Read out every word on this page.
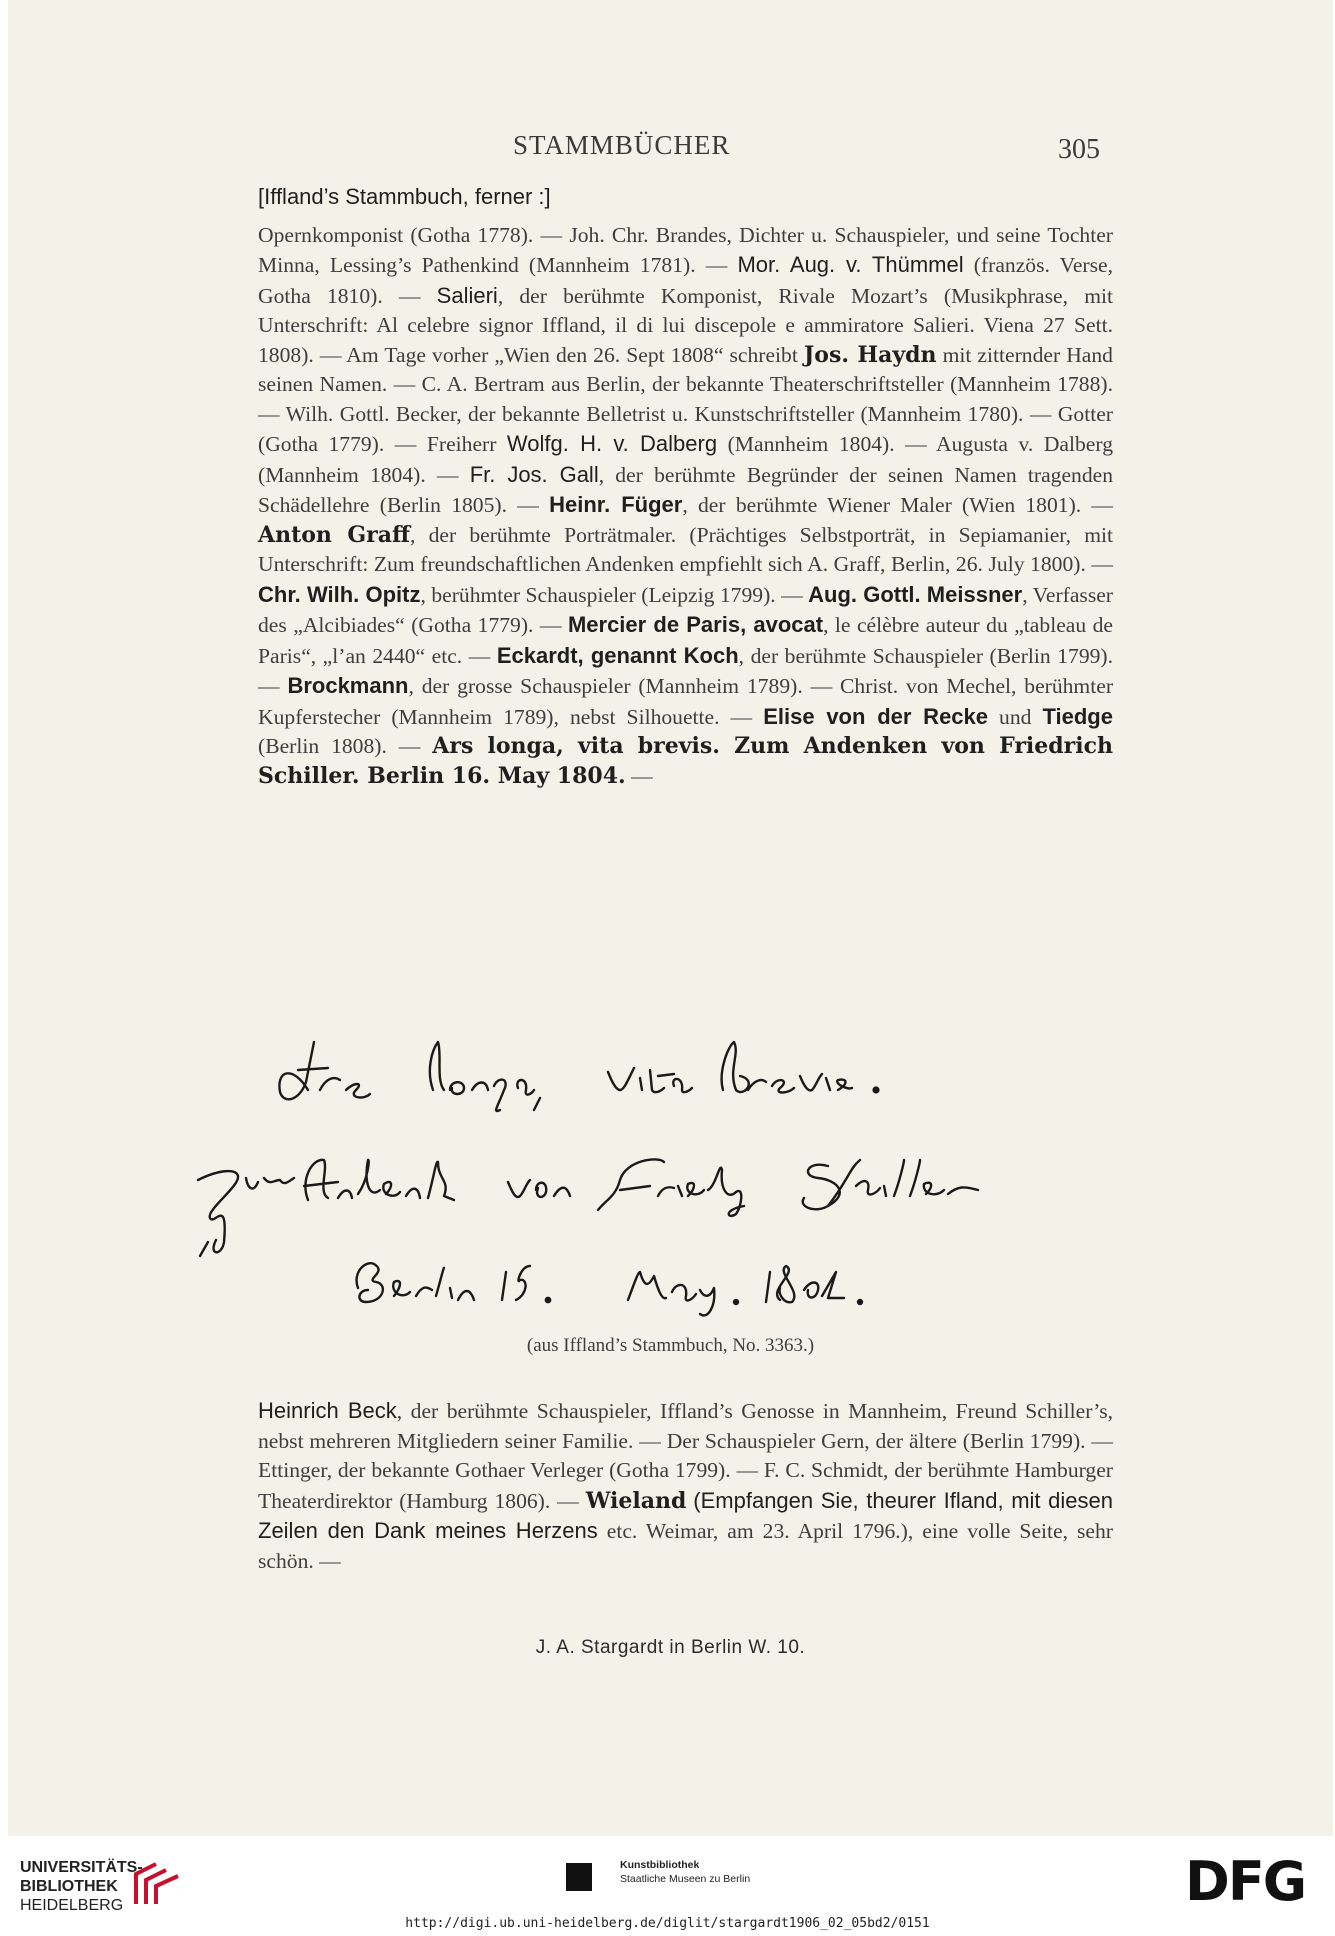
STAMMBÜCHER	305

[Iffland’s Stammbuch, ferner :]

Opernkomponist (Gotha 1778). — Joh. Chr. Brandes, Dichter u. Schauspieler, und seine Tochter Minna, Lessing’s Pathenkind (Mannheim 1781). — Mor. Aug. v. Thümmel (französ. Verse, Gotha 1810). — Salieri, der berühmte Komponist, Rivale Mozart’s (Musikphrase, mit Unterschrift: Al celebre signor Iffland, il di lui discepole e ammiratore Salieri. Viena 27 Sett. 1808). — Am Tage vorher „Wien den 26. Sept 1808“ schreibt Jos. Haydn mit zitternder Hand seinen Namen. — C. A. Bertram aus Berlin, der bekannte Theaterschriftsteller (Mannheim 1788). — Wilh. Gottl. Becker, der bekannte Belletrist u. Kunstschriftsteller (Mannheim 1780). — Gotter (Gotha 1779). — Freiherr Wolfg. H. v. Dalberg (Mannheim 1804). — Augusta v. Dalberg (Mannheim 1804). — Fr. Jos. Gall, der berühmte Begründer der seinen Namen tragenden Schädellehre (Berlin 1805). — Heinr. Füger, der berühmte Wiener Maler (Wien 1801). — Anton Graff, der berühmte Porträtmaler. (Prächtiges Selbstporträt, in Sepiamanier, mit Unterschrift: Zum freundschaftlichen Andenken empfiehlt sich A. Graff, Berlin, 26. July 1800). — Chr. Wilh. Opitz, berühmter Schauspieler (Leipzig 1799). — Aug. Gottl. Meissner, Verfasser des „Alcibiades“ (Gotha 1779). — Mercier de Paris, avocat, le célèbre auteur du „tableau de Paris“, „l’an 2440“ etc. — Eckardt, genannt Koch, der berühmte Schauspieler (Berlin 1799). — Brockmann, der grosse Schauspieler (Mannheim 1789). — Christ. von Mechel, berühmter Kupferstecher (Mannheim 1789), nebst Silhouette. — Elise von der Recke und Tiedge (Berlin 1808). — Ars longa, vita brevis. Zum Andenken von Friedrich Schiller. Berlin 16. May 1804. —

(aus Iffland’s Stammbuch, No. 3363.)

Heinrich Beck, der berühmte Schauspieler, Iffland’s Genosse in Mannheim, Freund Schiller’s, nebst mehreren Mitgliedern seiner Familie. — Der Schauspieler Gern, der ältere (Berlin 1799). — Ettinger, der bekannte Gothaer Verleger (Gotha 1799). — F. C. Schmidt, der berühmte Hamburger Theaterdirektor (Hamburg 1806). — Wieland (Empfangen Sie, theurer Ifland, mit diesen Zeilen den Dank meines Herzens etc. Weimar, am 23. April 1796.), eine volle Seite, sehr schön. —

J. A. Stargardt in Berlin W. 10.
UNIVERSITÄTS-
BIBLIOTHEK
HEIDELBERG
Kunstbibliothek
Staatliche Museen zu Berlin	DFG
http://digi.ub.uni-heidelberg.de/diglit/stargardt1906_02_05bd2/0151
